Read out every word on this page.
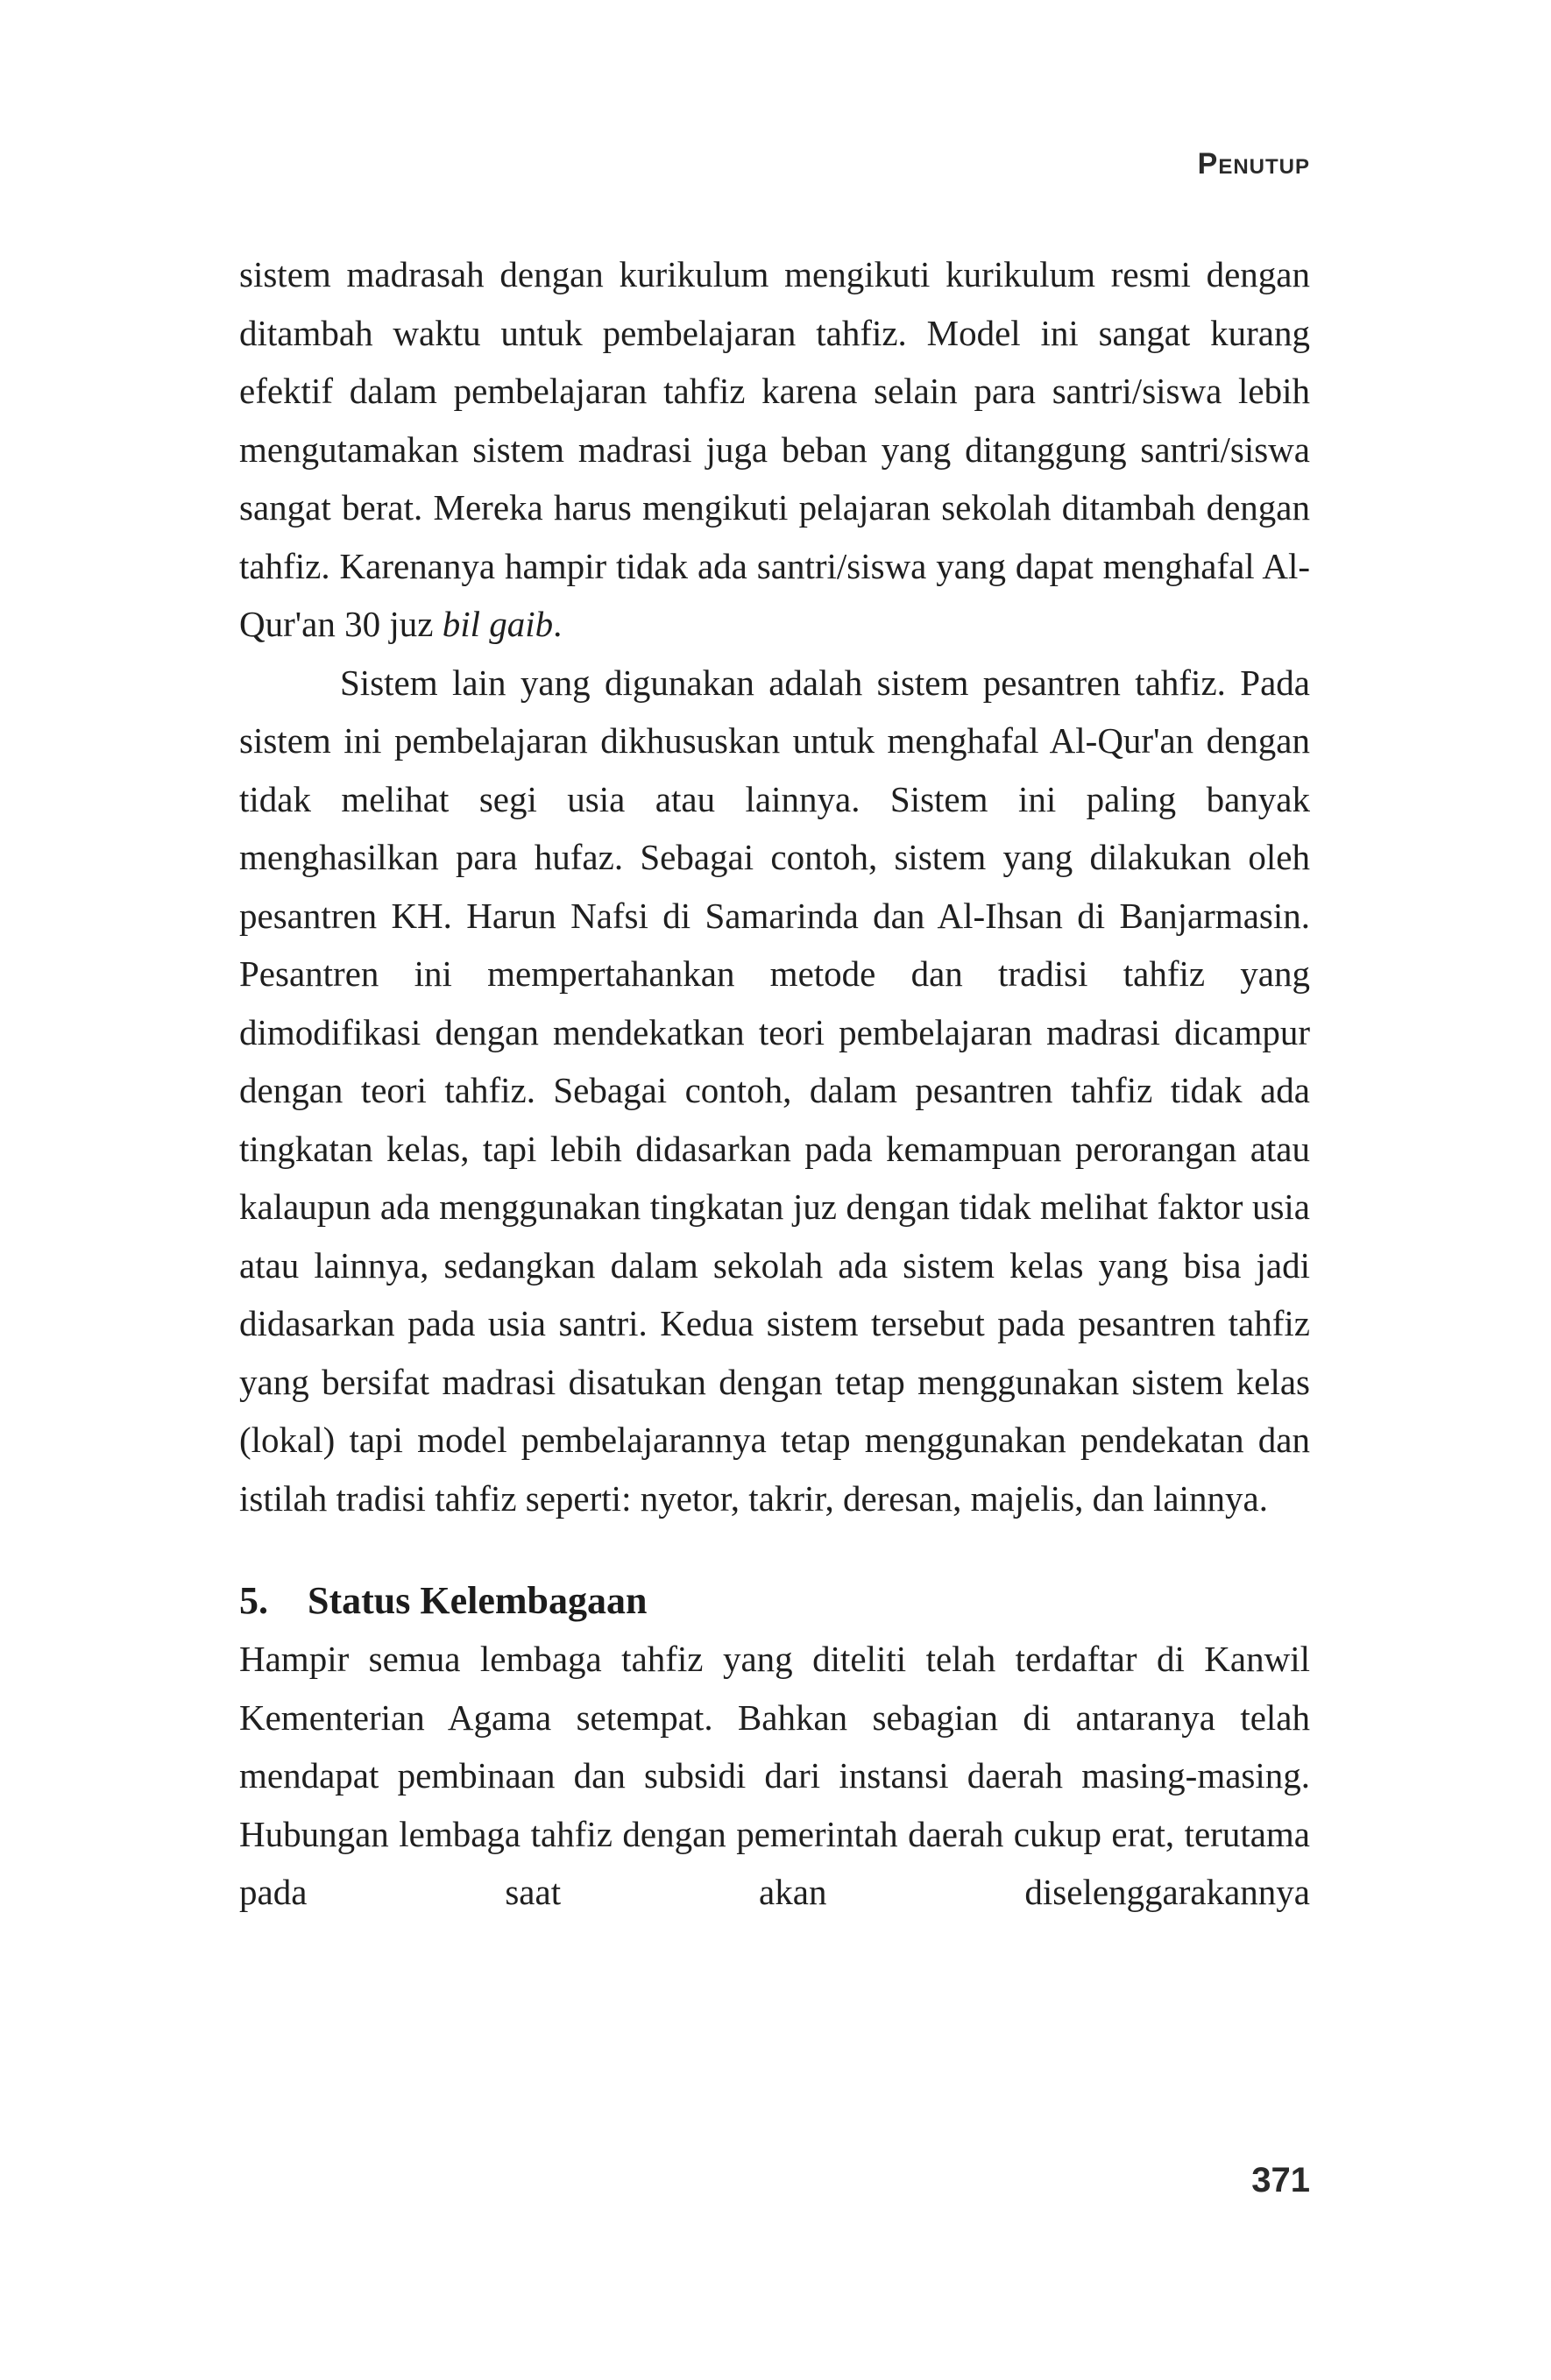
Penutup

sistem madrasah dengan kurikulum mengikuti kurikulum resmi dengan ditambah waktu untuk pembelajaran tahfiz. Model ini sangat kurang efektif dalam pembelajaran tahfiz karena selain para santri/siswa lebih mengutamakan sistem madrasi juga beban yang ditanggung santri/siswa sangat berat. Mereka harus mengikuti pelajaran sekolah ditambah dengan tahfiz. Karenanya hampir tidak ada santri/siswa yang dapat menghafal Al-Qur'an 30 juz bil gaib.

Sistem lain yang digunakan adalah sistem pesantren tahfiz. Pada sistem ini pembelajaran dikhususkan untuk menghafal Al-Qur'an dengan tidak melihat segi usia atau lainnya. Sistem ini paling banyak menghasilkan para hufaz. Sebagai contoh, sistem yang dilakukan oleh pesantren KH. Harun Nafsi di Samarinda dan Al-Ihsan di Banjarmasin. Pesantren ini mempertahankan metode dan tradisi tahfiz yang dimodifikasi dengan mendekatkan teori pembelajaran madrasi dicampur dengan teori tahfiz. Sebagai contoh, dalam pesantren tahfiz tidak ada tingkatan kelas, tapi lebih didasarkan pada kemampuan perorangan atau kalaupun ada menggunakan tingkatan juz dengan tidak melihat faktor usia atau lainnya, sedangkan dalam sekolah ada sistem kelas yang bisa jadi didasarkan pada usia santri. Kedua sistem tersebut pada pesantren tahfiz yang bersifat madrasi disatukan dengan tetap menggunakan sistem kelas (lokal) tapi model pembelajarannya tetap menggunakan pendekatan dan istilah tradisi tahfiz seperti: nyetor, takrir, deresan, majelis, dan lainnya.

5. Status Kelembagaan

Hampir semua lembaga tahfiz yang diteliti telah terdaftar di Kanwil Kementerian Agama setempat. Bahkan sebagian di antaranya telah mendapat pembinaan dan subsidi dari instansi daerah masing-masing. Hubungan lembaga tahfiz dengan pemerintah daerah cukup erat, terutama pada saat akan diselenggarakannya

371
